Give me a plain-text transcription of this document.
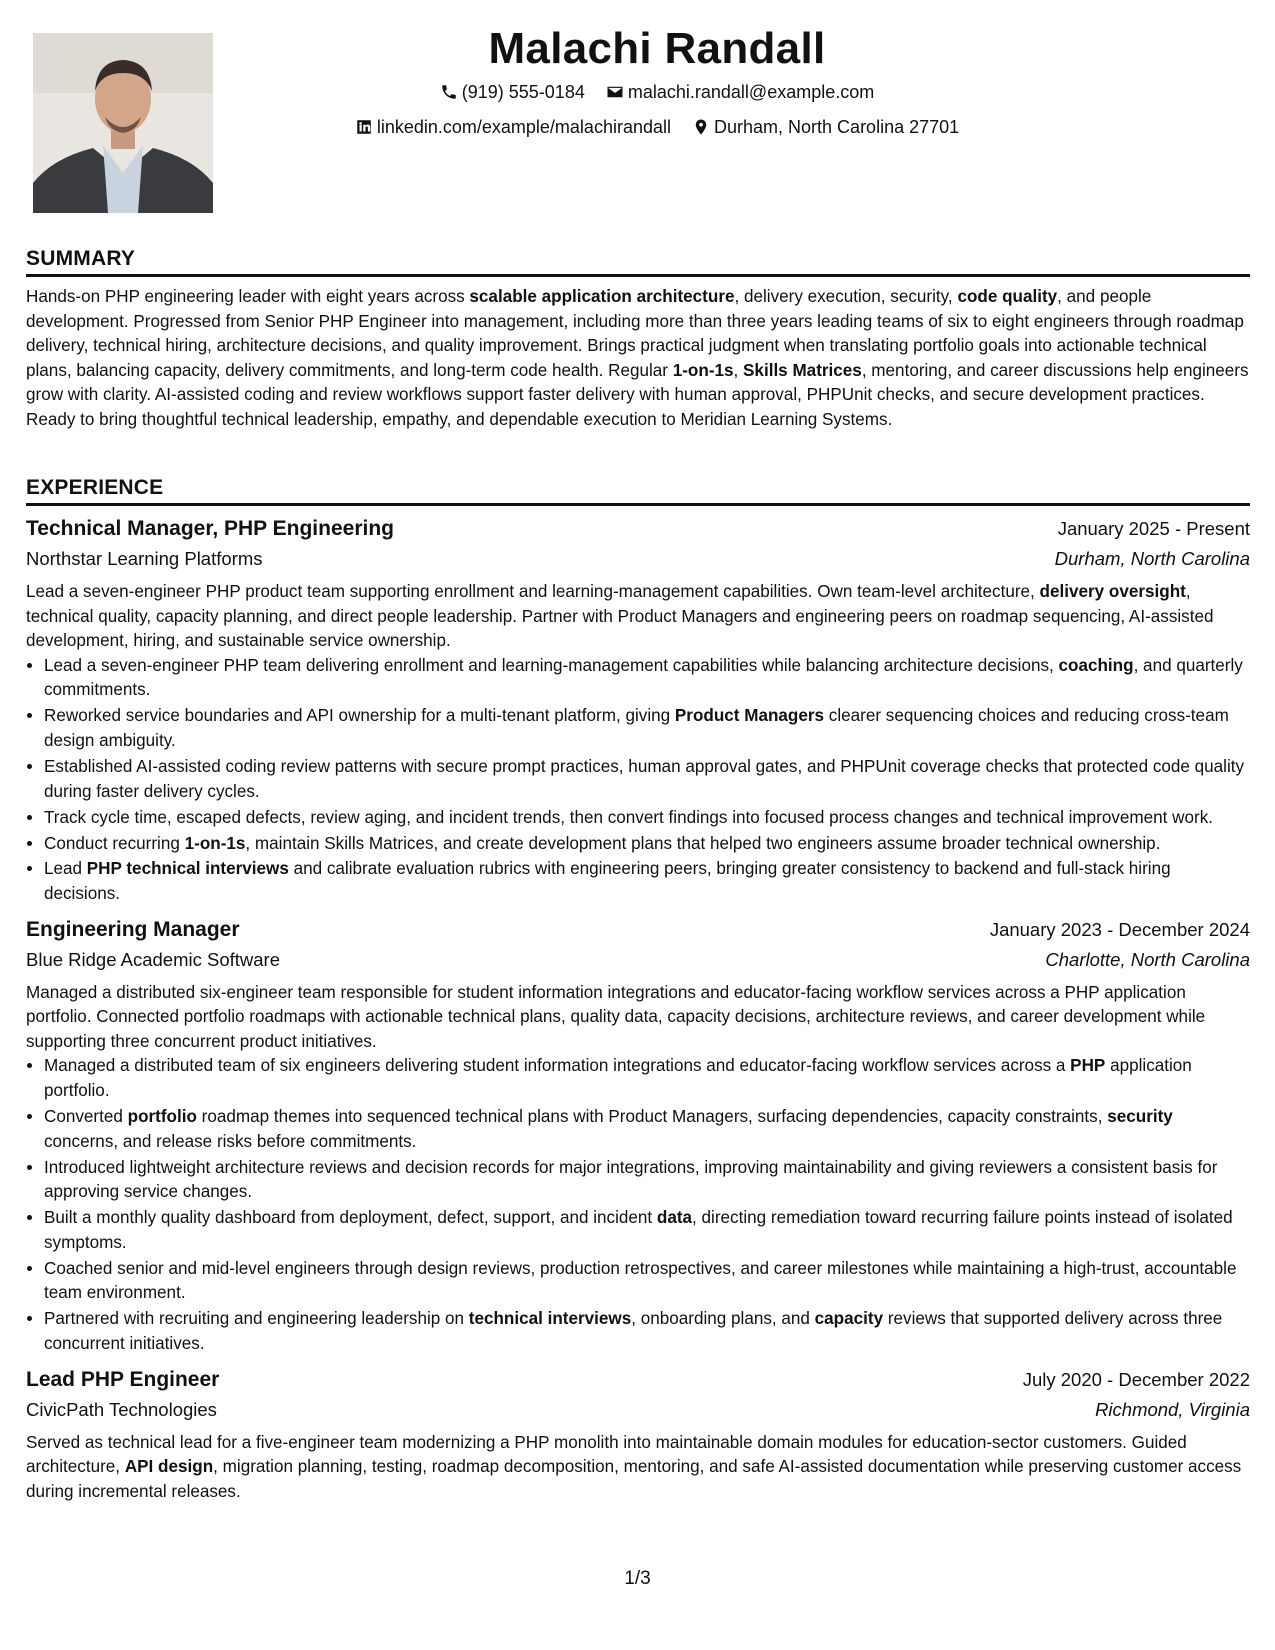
Malachi Randall
(919) 555-0184
malachi.randall@example.com
linkedin.com/example/malachirandall
Durham, North Carolina 27701
SUMMARY
Hands-on PHP engineering leader with eight years across scalable application architecture, delivery execution, security, code quality, and people development. Progressed from Senior PHP Engineer into management, including more than three years leading teams of six to eight engineers through roadmap delivery, technical hiring, architecture decisions, and quality improvement. Brings practical judgment when translating portfolio goals into actionable technical plans, balancing capacity, delivery commitments, and long-term code health. Regular 1-on-1s, Skills Matrices, mentoring, and career discussions help engineers grow with clarity. AI-assisted coding and review workflows support faster delivery with human approval, PHPUnit checks, and secure development practices. Ready to bring thoughtful technical leadership, empathy, and dependable execution to Meridian Learning Systems.
EXPERIENCE
Technical Manager, PHP Engineering	January 2025 - Present
Northstar Learning Platforms	Durham, North Carolina
Lead a seven-engineer PHP product team supporting enrollment and learning-management capabilities. Own team-level architecture, delivery oversight, technical quality, capacity planning, and direct people leadership. Partner with Product Managers and engineering peers on roadmap sequencing, AI-assisted development, hiring, and sustainable service ownership.
• Lead a seven-engineer PHP team delivering enrollment and learning-management capabilities while balancing architecture decisions, coaching, and quarterly commitments.
• Reworked service boundaries and API ownership for a multi-tenant platform, giving Product Managers clearer sequencing choices and reducing cross-team design ambiguity.
• Established AI-assisted coding review patterns with secure prompt practices, human approval gates, and PHPUnit coverage checks that protected code quality during faster delivery cycles.
• Track cycle time, escaped defects, review aging, and incident trends, then convert findings into focused process changes and technical improvement work.
• Conduct recurring 1-on-1s, maintain Skills Matrices, and create development plans that helped two engineers assume broader technical ownership.
• Lead PHP technical interviews and calibrate evaluation rubrics with engineering peers, bringing greater consistency to backend and full-stack hiring decisions.
Engineering Manager	January 2023 - December 2024
Blue Ridge Academic Software	Charlotte, North Carolina
Managed a distributed six-engineer team responsible for student information integrations and educator-facing workflow services across a PHP application portfolio. Connected portfolio roadmaps with actionable technical plans, quality data, capacity decisions, architecture reviews, and career development while supporting three concurrent product initiatives.
• Managed a distributed team of six engineers delivering student information integrations and educator-facing workflow services across a PHP application portfolio.
• Converted portfolio roadmap themes into sequenced technical plans with Product Managers, surfacing dependencies, capacity constraints, security concerns, and release risks before commitments.
• Introduced lightweight architecture reviews and decision records for major integrations, improving maintainability and giving reviewers a consistent basis for approving service changes.
• Built a monthly quality dashboard from deployment, defect, support, and incident data, directing remediation toward recurring failure points instead of isolated symptoms.
• Coached senior and mid-level engineers through design reviews, production retrospectives, and career milestones while maintaining a high-trust, accountable team environment.
• Partnered with recruiting and engineering leadership on technical interviews, onboarding plans, and capacity reviews that supported delivery across three concurrent initiatives.
Lead PHP Engineer	July 2020 - December 2022
CivicPath Technologies	Richmond, Virginia
Served as technical lead for a five-engineer team modernizing a PHP monolith into maintainable domain modules for education-sector customers. Guided architecture, API design, migration planning, testing, roadmap decomposition, mentoring, and safe AI-assisted documentation while preserving customer access during incremental releases.
1/3
